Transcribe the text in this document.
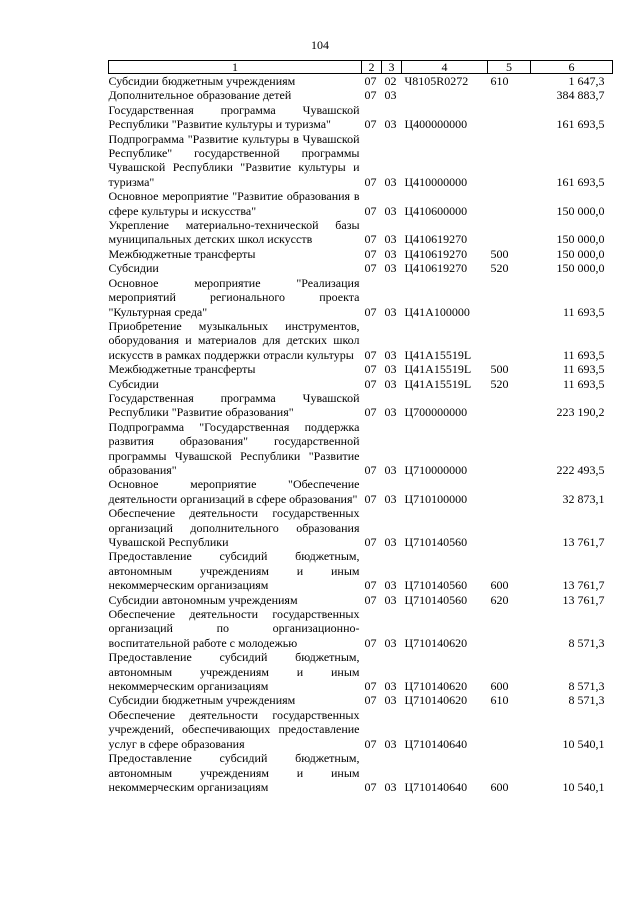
104
1	2	3	4	5	6
Субсидии бюджетным учреждениям	07	02	Ч8105R0272	610	1 647,3
Дополнительное образование детей	07	03			384 883,7
Государственная программа Чувашской Республики "Развитие культуры и туризма"	07	03	Ц400000000		161 693,5
Подпрограмма "Развитие культуры в Чувашской Республике" государственной программы Чувашской Республики "Развитие культуры и туризма"	07	03	Ц410000000		161 693,5
Основное мероприятие "Развитие образования в сфере культуры и искусства"	07	03	Ц410600000		150 000,0
Укрепление материально-технической базы муниципальных детских школ искусств	07	03	Ц410619270		150 000,0
Межбюджетные трансферты	07	03	Ц410619270	500	150 000,0
Субсидии	07	03	Ц410619270	520	150 000,0
Основное мероприятие "Реализация мероприятий регионального проекта "Культурная среда"	07	03	Ц41А100000		11 693,5
Приобретение музыкальных инструментов, оборудования и материалов для детских школ искусств в рамках поддержки отрасли культуры	07	03	Ц41А15519L		11 693,5
Межбюджетные трансферты	07	03	Ц41А15519L	500	11 693,5
Субсидии	07	03	Ц41А15519L	520	11 693,5
Государственная программа Чувашской Республики "Развитие образования"	07	03	Ц700000000		223 190,2
Подпрограмма "Государственная поддержка развития образования" государственной программы Чувашской Республики "Развитие образования"	07	03	Ц710000000		222 493,5
Основное мероприятие "Обеспечение деятельности организаций в сфере образования"	07	03	Ц710100000		32 873,1
Обеспечение деятельности государственных организаций дополнительного образования Чувашской Республики	07	03	Ц710140560		13 761,7
Предоставление субсидий бюджетным, автономным учреждениям и иным некоммерческим организациям	07	03	Ц710140560	600	13 761,7
Субсидии автономным учреждениям	07	03	Ц710140560	620	13 761,7
Обеспечение деятельности государственных организаций по организационно-воспитательной работе с молодежью	07	03	Ц710140620		8 571,3
Предоставление субсидий бюджетным, автономным учреждениям и иным некоммерческим организациям	07	03	Ц710140620	600	8 571,3
Субсидии бюджетным учреждениям	07	03	Ц710140620	610	8 571,3
Обеспечение деятельности государственных учреждений, обеспечивающих предоставление услуг в сфере образования	07	03	Ц710140640		10 540,1
Предоставление субсидий бюджетным, автономным учреждениям и иным некоммерческим организациям	07	03	Ц710140640	600	10 540,1
